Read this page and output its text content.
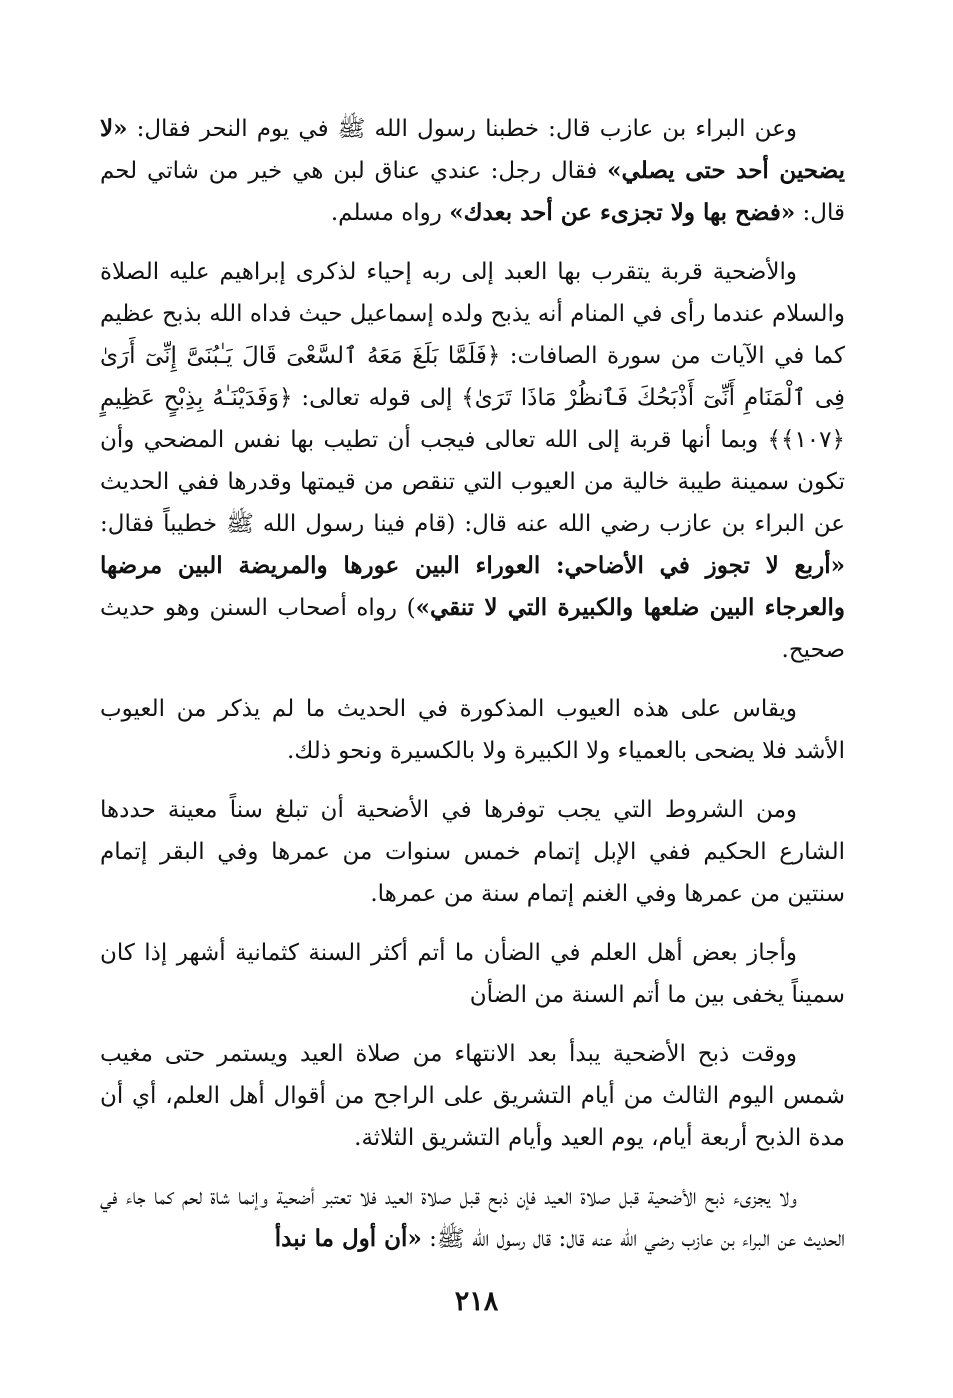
وعن البراء بن عازب قال: خطبنا رسول الله ﷺ في يوم النحر فقال: «لا يضحين أحد حتى يصلي» فقال رجل: عندي عناق لبن هي خير من شاتي لحم قال: «فضح بها ولا تجزىء عن أحد بعدك» رواه مسلم.

والأضحية قربة يتقرب بها العبد إلى ربه إحياء لذكرى إبراهيم عليه الصلاة والسلام عندما رأى في المنام أنه يذبح ولده إسماعيل حيث فداه الله بذبح عظيم كما في الآيات من سورة الصافات: ﴿فَلَمَّا بَلَغَ مَعَهُ ٱلسَّعْىَ قَالَ يَـٰبُنَىَّ إِنِّىٓ أَرَىٰ فِى ٱلْمَنَامِ أَنِّىٓ أَذْبَحُكَ فَٱنظُرْ مَاذَا تَرَىٰ﴾ إلى قوله تعالى: ﴿وَفَدَيْنَـٰهُ بِذِبْحٍ عَظِيمٍ ﴿١٠٧﴾﴾ وبما أنها قربة إلى الله تعالى فيجب أن تطيب بها نفس المضحي وأن تكون سمينة طيبة خالية من العيوب التي تنقص من قيمتها وقدرها ففي الحديث عن البراء بن عازب رضي الله عنه قال: (قام فينا رسول الله ﷺ خطيباً فقال: «أربع لا تجوز في الأضاحي: العوراء البين عورها والمريضة البين مرضها والعرجاء البين ضلعها والكبيرة التي لا تنقي») رواه أصحاب السنن وهو حديث صحيح.

ويقاس على هذه العيوب المذكورة في الحديث ما لم يذكر من العيوب الأشد فلا يضحى بالعمياء ولا الكبيرة ولا بالكسيرة ونحو ذلك.

ومن الشروط التي يجب توفرها في الأضحية أن تبلغ سناً معينة حددها الشارع الحكيم ففي الإبل إتمام خمس سنوات من عمرها وفي البقر إتمام سنتين من عمرها وفي الغنم إتمام سنة من عمرها.

وأجاز بعض أهل العلم في الضأن ما أتم أكثر السنة كثمانية أشهر إذا كان سميناً يخفى بين ما أتم السنة من الضأن

ووقت ذبح الأضحية يبدأ بعد الانتهاء من صلاة العيد ويستمر حتى مغيب شمس اليوم الثالث من أيام التشريق على الراجح من أقوال أهل العلم، أي أن مدة الذبح أربعة أيام، يوم العيد وأيام التشريق الثلاثة.

ولا يجزىء ذبح الأضحية قبل صلاة العيد فإن ذبح قبل صلاة العيد فلا تعتبر أضحية وإنما شاة لحم كما جاء في الحديث عن البراء بن عازب رضي الله عنه قال: قال رسول الله ﷺ: «أن أول ما نبدأ

٢١٨
